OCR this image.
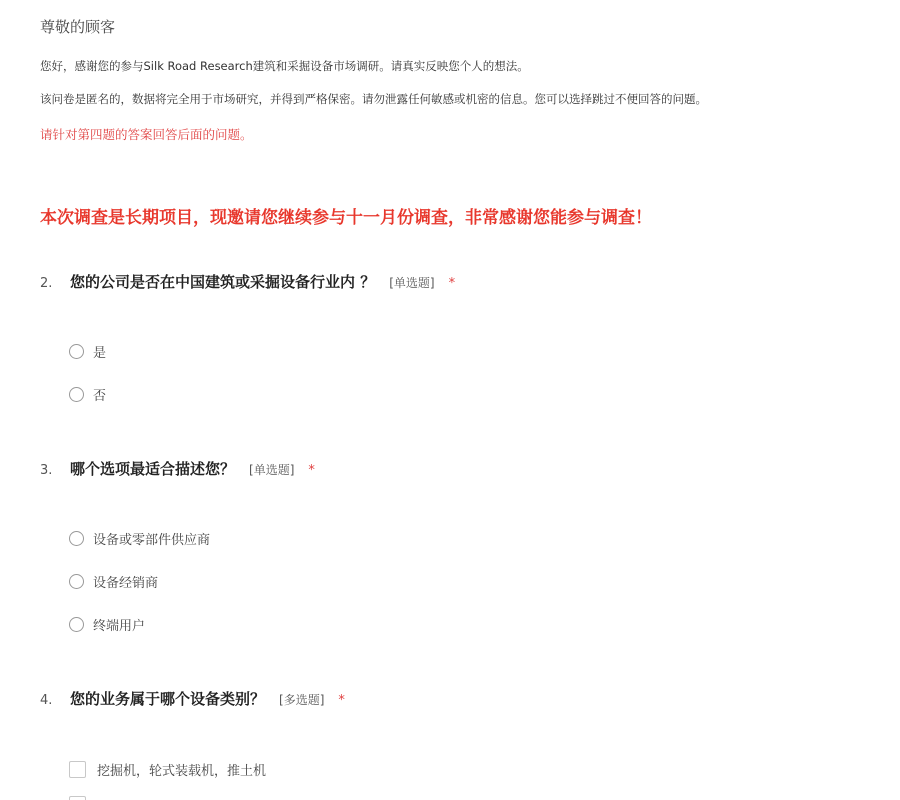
尊敬的顾客
您好，感谢您的参与Silk Road Research建筑和采掘设备市场调研。请真实反映您个人的想法。
该问卷是匿名的，数据将完全用于市场研究，并得到严格保密。请勿泄露任何敏感或机密的信息。您可以选择跳过不便回答的问题。
请针对第四题的答案回答后面的问题。
本次调查是长期项目，现邀请您继续参与十一月份调查，非常感谢您能参与调查！
2.	您的公司是否在中国建筑或采掘设备行业内 ？ [单选题] *
是
否
3.	哪个选项最适合描述您？ [单选题] *
设备或零部件供应商
设备经销商
终端用户
4.	您的业务属于哪个设备类别？ [多选题] *
挖掘机，轮式装载机，推土机
